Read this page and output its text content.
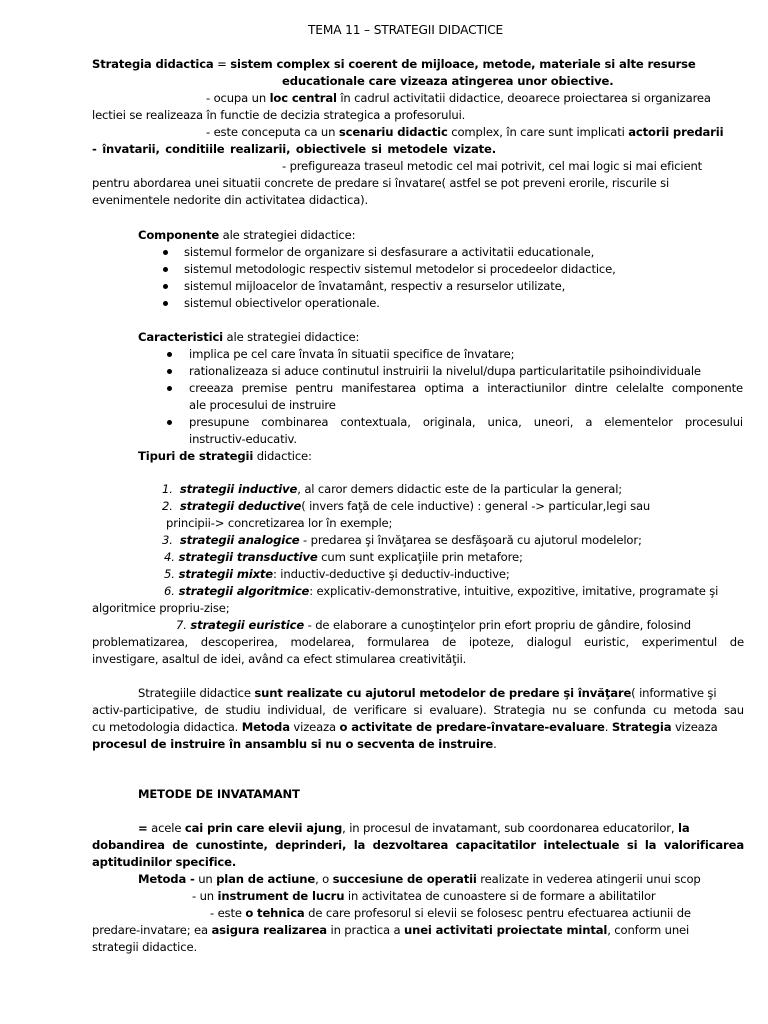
TEMA 11 – STRATEGII DIDACTICE
Strategia didactica = sistem complex si coerent de mijloace, metode, materiale si alte resurse
educationale care vizeaza atingerea unor obiective.
- ocupa un loc central în cadrul activitatii didactice, deoarece proiectarea si organizarea
lectiei se realizeaza în functie de decizia strategica a profesorului.
- este conceputa ca un scenariu didactic complex, în care sunt implicati actorii predarii
- învatarii, conditiile realizarii, obiectivele si metodele vizate.
- prefigureaza traseul metodic cel mai potrivit, cel mai logic si mai eficient
pentru abordarea unei situatii concrete de predare si învatare( astfel se pot preveni erorile, riscurile si
evenimentele nedorite din activitatea didactica).
Componente ale strategiei didactice:
sistemul formelor de organizare si desfasurare a activitatii educationale,
sistemul metodologic respectiv sistemul metodelor si procedeelor didactice,
sistemul mijloacelor de învatamânt, respectiv a resurselor utilizate,
sistemul obiectivelor operationale.
Caracteristici ale strategiei didactice:
implica pe cel care învata în situatii specifice de învatare;
rationalizeaza si aduce continutul instruirii la nivelul/dupa particularitatile psihoindividuale
creeaza premise pentru manifestarea optima a interactiunilor dintre celelalte componente
ale procesului de instruire
presupune combinarea contextuala, originala, unica, uneori, a elementelor procesului
instructiv-educativ.
Tipuri de strategii didactice:
1. strategii inductive, al caror demers didactic este de la particular la general;
2. strategii deductive( invers faţă de cele inductive) : general -> particular,legi sau
principii-> concretizarea lor în exemple;
3. strategii analogice - predarea şi învăţarea se desfăşoară cu ajutorul modelelor;
4. strategii transductive cum sunt explicaţiile prin metafore;
5. strategii mixte: inductiv-deductive şi deductiv-inductive;
6. strategii algoritmice: explicativ-demonstrative, intuitive, expozitive, imitative, programate şi
algoritmice propriu-zise;
7. strategii euristice - de elaborare a cunoştinţelor prin efort propriu de gândire, folosind
problematizarea, descoperirea, modelarea, formularea de ipoteze, dialogul euristic, experimentul de
investigare, asaltul de idei, având ca efect stimularea creativităţii.
Strategiile didactice sunt realizate cu ajutorul metodelor de predare şi învăţare( informative şi
activ-participative, de studiu individual, de verificare si evaluare). Strategia nu se confunda cu metoda sau
cu metodologia didactica. Metoda vizeaza o activitate de predare-învatare-evaluare. Strategia vizeaza
procesul de instruire în ansamblu si nu o secventa de instruire.
METODE DE INVATAMANT
= acele cai prin care elevii ajung, in procesul de invatamant, sub coordonarea educatorilor, la
dobandirea de cunostinte, deprinderi, la dezvoltarea capacitatilor intelectuale si la valorificarea
aptitudinilor specifice.
Metoda - un plan de actiune, o succesiune de operatii realizate in vederea atingerii unui scop
- un instrument de lucru in activitatea de cunoastere si de formare a abilitatilor
- este o tehnica de care profesorul si elevii se folosesc pentru efectuarea actiunii de
predare-invatare; ea asigura realizarea in practica a unei activitati proiectate mintal, conform unei
strategii didactice.
